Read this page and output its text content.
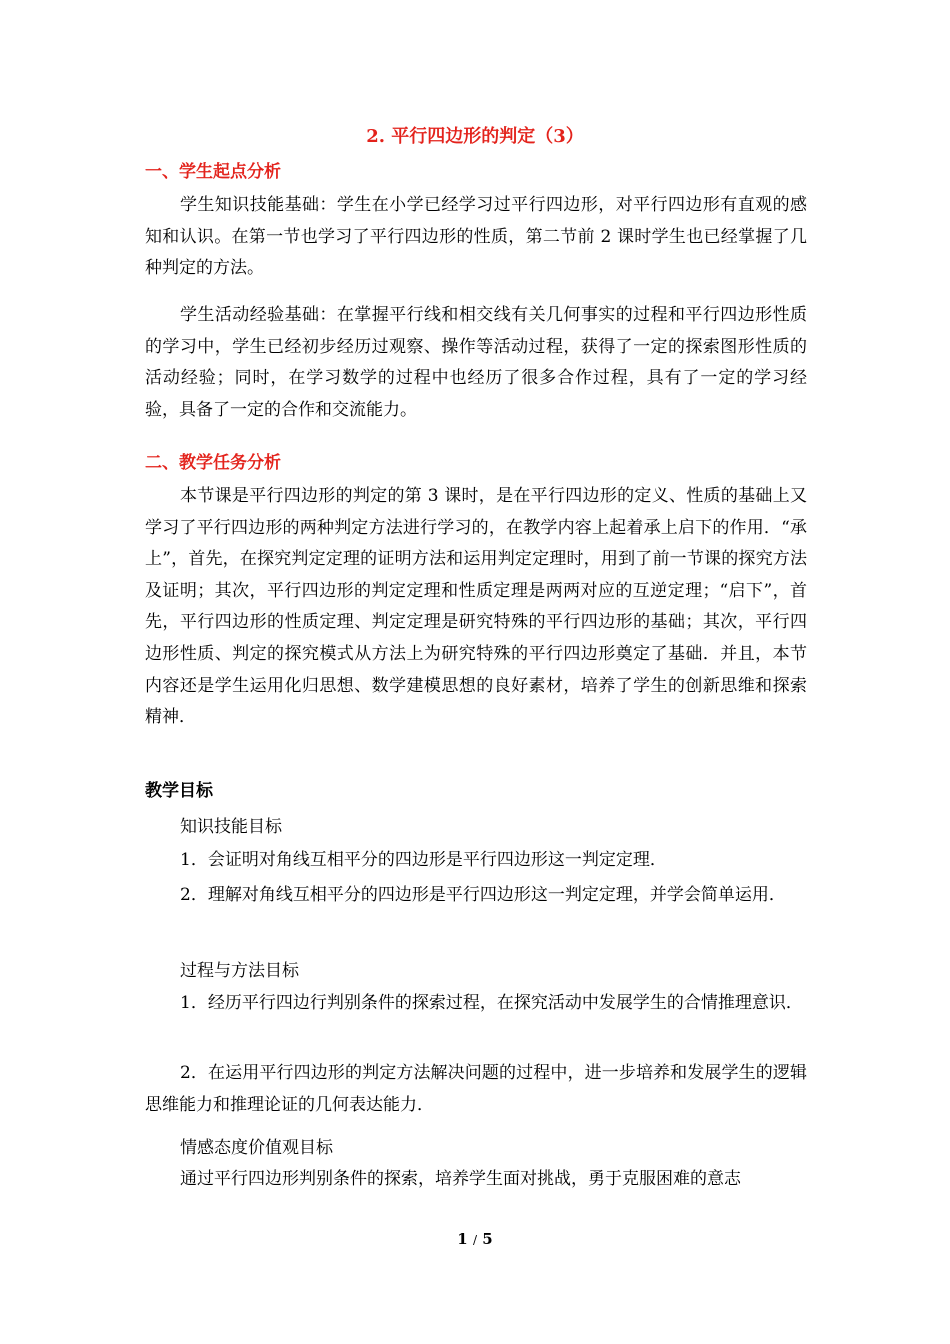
2. 平行四边形的判定（3）
一、学生起点分析

学生知识技能基础：学生在小学已经学习过平行四边形，对平行四边形有直观的感知和认识。在第一节也学习了平行四边形的性质，第二节前 2 课时学生也已经掌握了几种判定的方法。

学生活动经验基础：在掌握平行线和相交线有关几何事实的过程和平行四边形性质的学习中，学生已经初步经历过观察、操作等活动过程，获得了一定的探索图形性质的活动经验；同时，在学习数学的过程中也经历了很多合作过程，具有了一定的学习经验，具备了一定的合作和交流能力。

二、教学任务分析

本节课是平行四边形的判定的第 3 课时，是在平行四边形的定义、性质的基础上又学习了平行四边形的两种判定方法进行学习的，在教学内容上起着承上启下的作用．“承上”，首先，在探究判定定理的证明方法和运用判定定理时，用到了前一节课的探究方法及证明；其次，平行四边形的判定定理和性质定理是两两对应的互逆定理；“启下”，首先，平行四边形的性质定理、判定定理是研究特殊的平行四边形的基础；其次，平行四边形性质、判定的探究模式从方法上为研究特殊的平行四边形奠定了基础．并且，本节内容还是学生运用化归思想、数学建模思想的良好素材，培养了学生的创新思维和探索精神．

教学目标
知识技能目标

1．会证明对角线互相平分的四边形是平行四边形这一判定定理．

2．理解对角线互相平分的四边形是平行四边形这一判定定理，并学会简单运用．

过程与方法目标

1．经历平行四边行判别条件的探索过程，在探究活动中发展学生的合情推理意识．

2．在运用平行四边形的判定方法解决问题的过程中，进一步培养和发展学生的逻辑思维能力和推理论证的几何表达能力．

情感态度价值观目标

通过平行四边形判别条件的探索，培养学生面对挑战，勇于克服困难的意志

1 / 5
